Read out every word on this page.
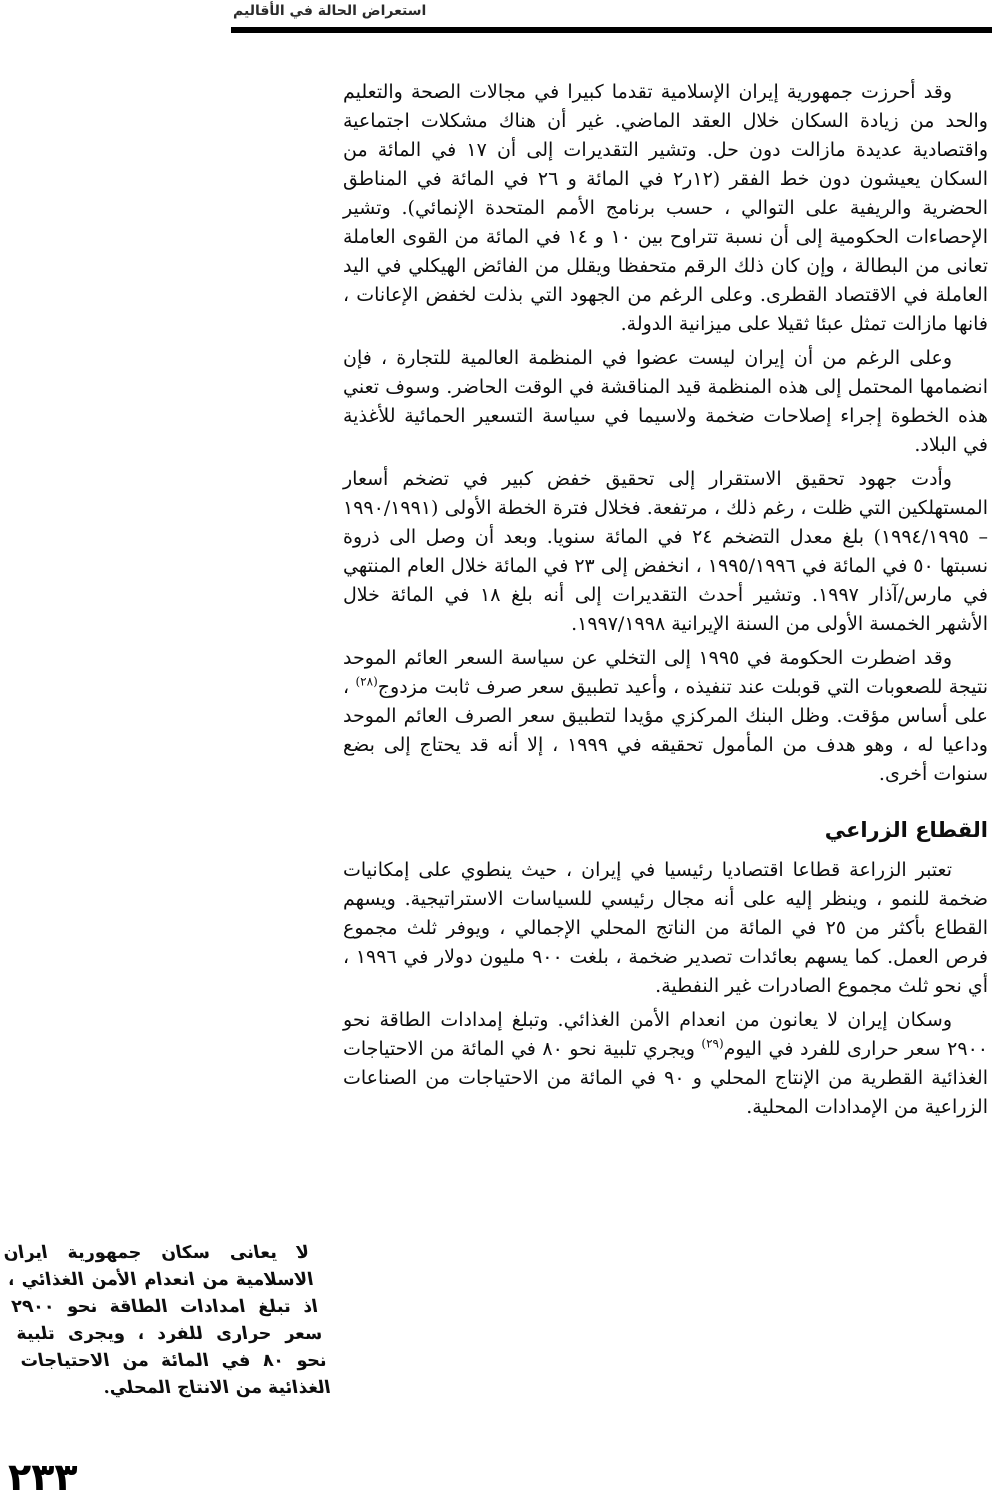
استعراض الحالة في الأقاليم

وقد أحرزت جمهورية إيران الإسلامية تقدما كبيرا في مجالات الصحة والتعليم والحد من زيادة السكان خلال العقد الماضي. غير أن هناك مشكلات اجتماعية واقتصادية عديدة مازالت دون حل. وتشير التقديرات إلى أن ١٧ في المائة من السكان يعيشون دون خط الفقر (١٢ر٢ في المائة و ٢٦ في المائة في المناطق الحضرية والريفية على التوالي ، حسب برنامج الأمم المتحدة الإنمائي). وتشير الإحصاءات الحكومية إلى أن نسبة تتراوح بين ١٠ و ١٤ في المائة من القوى العاملة تعانى من البطالة ، وإن كان ذلك الرقم متحفظا ويقلل من الفائض الهيكلي في اليد العاملة في الاقتصاد القطرى. وعلى الرغم من الجهود التي بذلت لخفض الإعانات ، فانها مازالت تمثل عبئا ثقيلا على ميزانية الدولة.

وعلى الرغم من أن إيران ليست عضوا في المنظمة العالمية للتجارة ، فإن انضمامها المحتمل إلى هذه المنظمة قيد المناقشة في الوقت الحاضر. وسوف تعني هذه الخطوة إجراء إصلاحات ضخمة ولاسيما في سياسة التسعير الحمائية للأغذية في البلاد.

وأدت جهود تحقيق الاستقرار إلى تحقيق خفض كبير في تضخم أسعار المستهلكين التي ظلت ، رغم ذلك ، مرتفعة. فخلال فترة الخطة الأولى (١٩٩٠/١٩٩١ – ١٩٩٤/١٩٩٥) بلغ معدل التضخم ٢٤ في المائة سنويا. وبعد أن وصل الى ذروة نسبتها ٥٠ في المائة في ١٩٩٥/١٩٩٦ ، انخفض إلى ٢٣ في المائة خلال العام المنتهي في مارس/آذار ١٩٩٧. وتشير أحدث التقديرات إلى أنه بلغ ١٨ في المائة خلال الأشهر الخمسة الأولى من السنة الإيرانية ١٩٩٧/١٩٩٨.

وقد اضطرت الحكومة في ١٩٩٥ إلى التخلي عن سياسة السعر العائم الموحد نتيجة للصعوبات التي قوبلت عند تنفيذه ، وأعيد تطبيق سعر صرف ثابت مزدوج$^{(٢٨)}$ ، على أساس مؤقت. وظل البنك المركزي مؤيدا لتطبيق سعر الصرف العائم الموحد وداعيا له ، وهو هدف من المأمول تحقيقه في ١٩٩٩ ، إلا أنه قد يحتاج إلى بضع سنوات أخرى.

القطاع الزراعي

تعتبر الزراعة قطاعا اقتصاديا رئيسيا في إيران ، حيث ينطوي على إمكانيات ضخمة للنمو ، وينظر إليه على أنه مجال رئيسي للسياسات الاستراتيجية. ويسهم القطاع بأكثر من ٢٥ في المائة من الناتج المحلي الإجمالي ، ويوفر ثلث مجموع فرص العمل. كما يسهم بعائدات تصدير ضخمة ، بلغت ٩٠٠ مليون دولار في ١٩٩٦ ، أي نحو ثلث مجموع الصادرات غير النفطية.

وسكان إيران لا يعانون من انعدام الأمن الغذائي. وتبلغ إمدادات الطاقة نحو ٢٩٠٠ سعر حرارى للفرد في اليوم$^{(٢٩)}$ ويجري تلبية نحو ٨٠ في المائة من الاحتياجات الغذائية القطرية من الإنتاج المحلي و ٩٠ في المائة من الاحتياجات من الصناعات الزراعية من الإمدادات المحلية.

لا يعانى سكان جمهورية ايران الاسلامية من انعدام الأمن الغذائي ، اذ تبلغ امدادات الطاقة نحو ٢٩٠٠ سعر حرارى للفرد ، ويجرى تلبية نحو ٨٠ في المائة من الاحتياجات الغذائية من الانتاج المحلي.
٢٣٣
